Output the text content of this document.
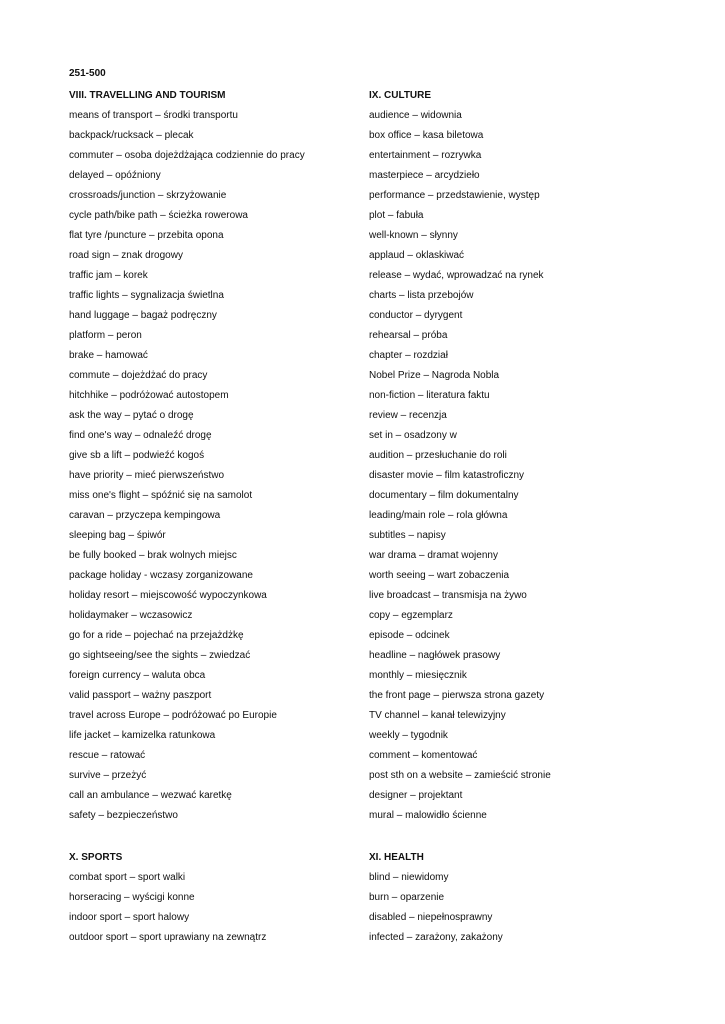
251-500
VIII. TRAVELLING AND TOURISM
means of transport – środki transportu
backpack/rucksack – plecak
commuter – osoba dojeżdżająca codziennie do pracy
delayed – opóźniony
crossroads/junction – skrzyżowanie
cycle path/bike path – ścieżka rowerowa
flat tyre /puncture – przebita opona
road sign – znak drogowy
traffic jam – korek
traffic lights – sygnalizacja świetlna
hand luggage – bagaż podręczny
platform – peron
brake – hamować
commute – dojeżdżać do pracy
hitchhike – podróżować autostopem
ask the way – pytać o drogę
find one's way – odnaleźć drogę
give sb a lift – podwieźć kogoś
have priority – mieć pierwszeństwo
miss one's flight – spóźnić się na samolot
caravan – przyczepa kempingowa
sleeping bag – śpiwór
be fully booked – brak wolnych miejsc
package holiday - wczasy zorganizowane
holiday resort – miejscowość wypoczynkowa
holidaymaker – wczasowicz
go for a ride – pojechać na przejażdżkę
go sightseeing/see the sights – zwiedzać
foreign currency – waluta obca
valid passport – ważny paszport
travel across Europe – podróżować po Europie
life jacket – kamizelka ratunkowa
rescue – ratować
survive – przeżyć
call an ambulance – wezwać karetkę
safety – bezpieczeństwo
IX. CULTURE
audience – widownia
box office – kasa biletowa
entertainment – rozrywka
masterpiece – arcydzieło
performance – przedstawienie, występ
plot – fabuła
well-known – słynny
applaud – oklaskiwać
release – wydać, wprowadzać na rynek
charts – lista przebojów
conductor – dyrygent
rehearsal – próba
chapter – rozdział
Nobel Prize – Nagroda Nobla
non-fiction – literatura faktu
review – recenzja
set in – osadzony w
audition – przesłuchanie do roli
disaster movie – film katastroficzny
documentary – film dokumentalny
leading/main role – rola główna
subtitles – napisy
war drama – dramat wojenny
worth seeing – wart zobaczenia
live broadcast – transmisja na żywo
copy – egzemplarz
episode – odcinek
headline – nagłówek prasowy
monthly – miesięcznik
the front page – pierwsza strona gazety
TV channel – kanał telewizyjny
weekly – tygodnik
comment – komentować
post sth on a website – zamieścić stronie
designer – projektant
mural – malowidło ścienne
X. SPORTS
combat sport – sport walki
horseracing – wyścigi konne
indoor sport – sport halowy
outdoor sport – sport uprawiany na zewnątrz
XI. HEALTH
blind – niewidomy
burn – oparzenie
disabled – niepełnosprawny
infected – zarażony, zakażony
